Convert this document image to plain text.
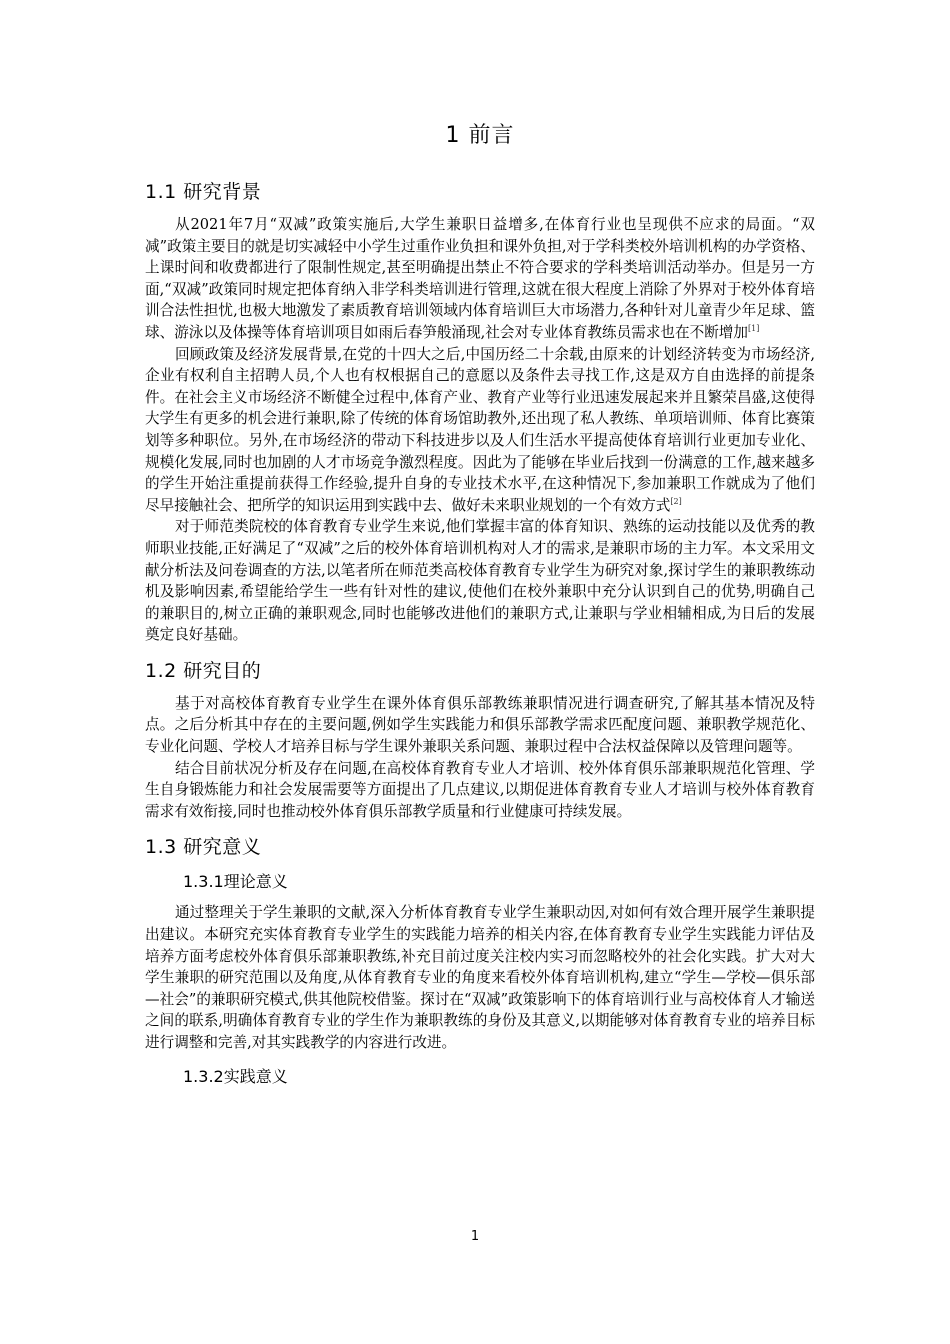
1 前言
1.1 研究背景

从2021年7月“双减”政策实施后,大学生兼职日益增多,在体育行业也呈现供不应求的局面。“双减”政策主要目的就是切实减轻中小学生过重作业负担和课外负担,对于学科类校外培训机构的办学资格、上课时间和收费都进行了限制性规定,甚至明确提出禁止不符合要求的学科类培训活动举办。但是另一方面,“双减”政策同时规定把体育纳入非学科类培训进行管理,这就在很大程度上消除了外界对于校外体育培训合法性担忧,也极大地激发了素质教育培训领域内体育培训巨大市场潜力,各种针对儿童青少年足球、篮球、游泳以及体操等体育培训项目如雨后春笋般涌现,社会对专业体育教练员需求也在不断增加[1]

回顾政策及经济发展背景,在党的十四大之后,中国历经二十余载,由原来的计划经济转变为市场经济,企业有权利自主招聘人员,个人也有权根据自己的意愿以及条件去寻找工作,这是双方自由选择的前提条件。在社会主义市场经济不断健全过程中,体育产业、教育产业等行业迅速发展起来并且繁荣昌盛,这使得大学生有更多的机会进行兼职,除了传统的体育场馆助教外,还出现了私人教练、单项培训师、体育比赛策划等多种职位。另外,在市场经济的带动下科技进步以及人们生活水平提高使体育培训行业更加专业化、规模化发展,同时也加剧的人才市场竞争激烈程度。因此为了能够在毕业后找到一份满意的工作,越来越多的学生开始注重提前获得工作经验,提升自身的专业技术水平,在这种情况下,参加兼职工作就成为了他们尽早接触社会、把所学的知识运用到实践中去、做好未来职业规划的一个有效方式[2]

对于师范类院校的体育教育专业学生来说,他们掌握丰富的体育知识、熟练的运动技能以及优秀的教师职业技能,正好满足了“双减”之后的校外体育培训机构对人才的需求,是兼职市场的主力军。本文采用文献分析法及问卷调查的方法,以笔者所在师范类高校体育教育专业学生为研究对象,探讨学生的兼职教练动机及影响因素,希望能给学生一些有针对性的建议,使他们在校外兼职中充分认识到自己的优势,明确自己的兼职目的,树立正确的兼职观念,同时也能够改进他们的兼职方式,让兼职与学业相辅相成,为日后的发展奠定良好基础。

1.2 研究目的

基于对高校体育教育专业学生在课外体育俱乐部教练兼职情况进行调查研究,了解其基本情况及特点。之后分析其中存在的主要问题,例如学生实践能力和俱乐部教学需求匹配度问题、兼职教学规范化、专业化问题、学校人才培养目标与学生课外兼职关系问题、兼职过程中合法权益保障以及管理问题等。

结合目前状况分析及存在问题,在高校体育教育专业人才培训、校外体育俱乐部兼职规范化管理、学生自身锻炼能力和社会发展需要等方面提出了几点建议,以期促进体育教育专业人才培训与校外体育教育需求有效衔接,同时也推动校外体育俱乐部教学质量和行业健康可持续发展。

1.3 研究意义
1.3.1理论意义

通过整理关于学生兼职的文献,深入分析体育教育专业学生兼职动因,对如何有效合理开展学生兼职提出建议。本研究充实体育教育专业学生的实践能力培养的相关内容,在体育教育专业学生实践能力评估及培养方面考虑校外体育俱乐部兼职教练,补充目前过度关注校内实习而忽略校外的社会化实践。扩大对大学生兼职的研究范围以及角度,从体育教育专业的角度来看校外体育培训机构,建立“学生—学校—俱乐部—社会”的兼职研究模式,供其他院校借鉴。探讨在“双减”政策影响下的体育培训行业与高校体育人才输送之间的联系,明确体育教育专业的学生作为兼职教练的身份及其意义,以期能够对体育教育专业的培养目标进行调整和完善,对其实践教学的内容进行改进。

1.3.2实践意义
1
